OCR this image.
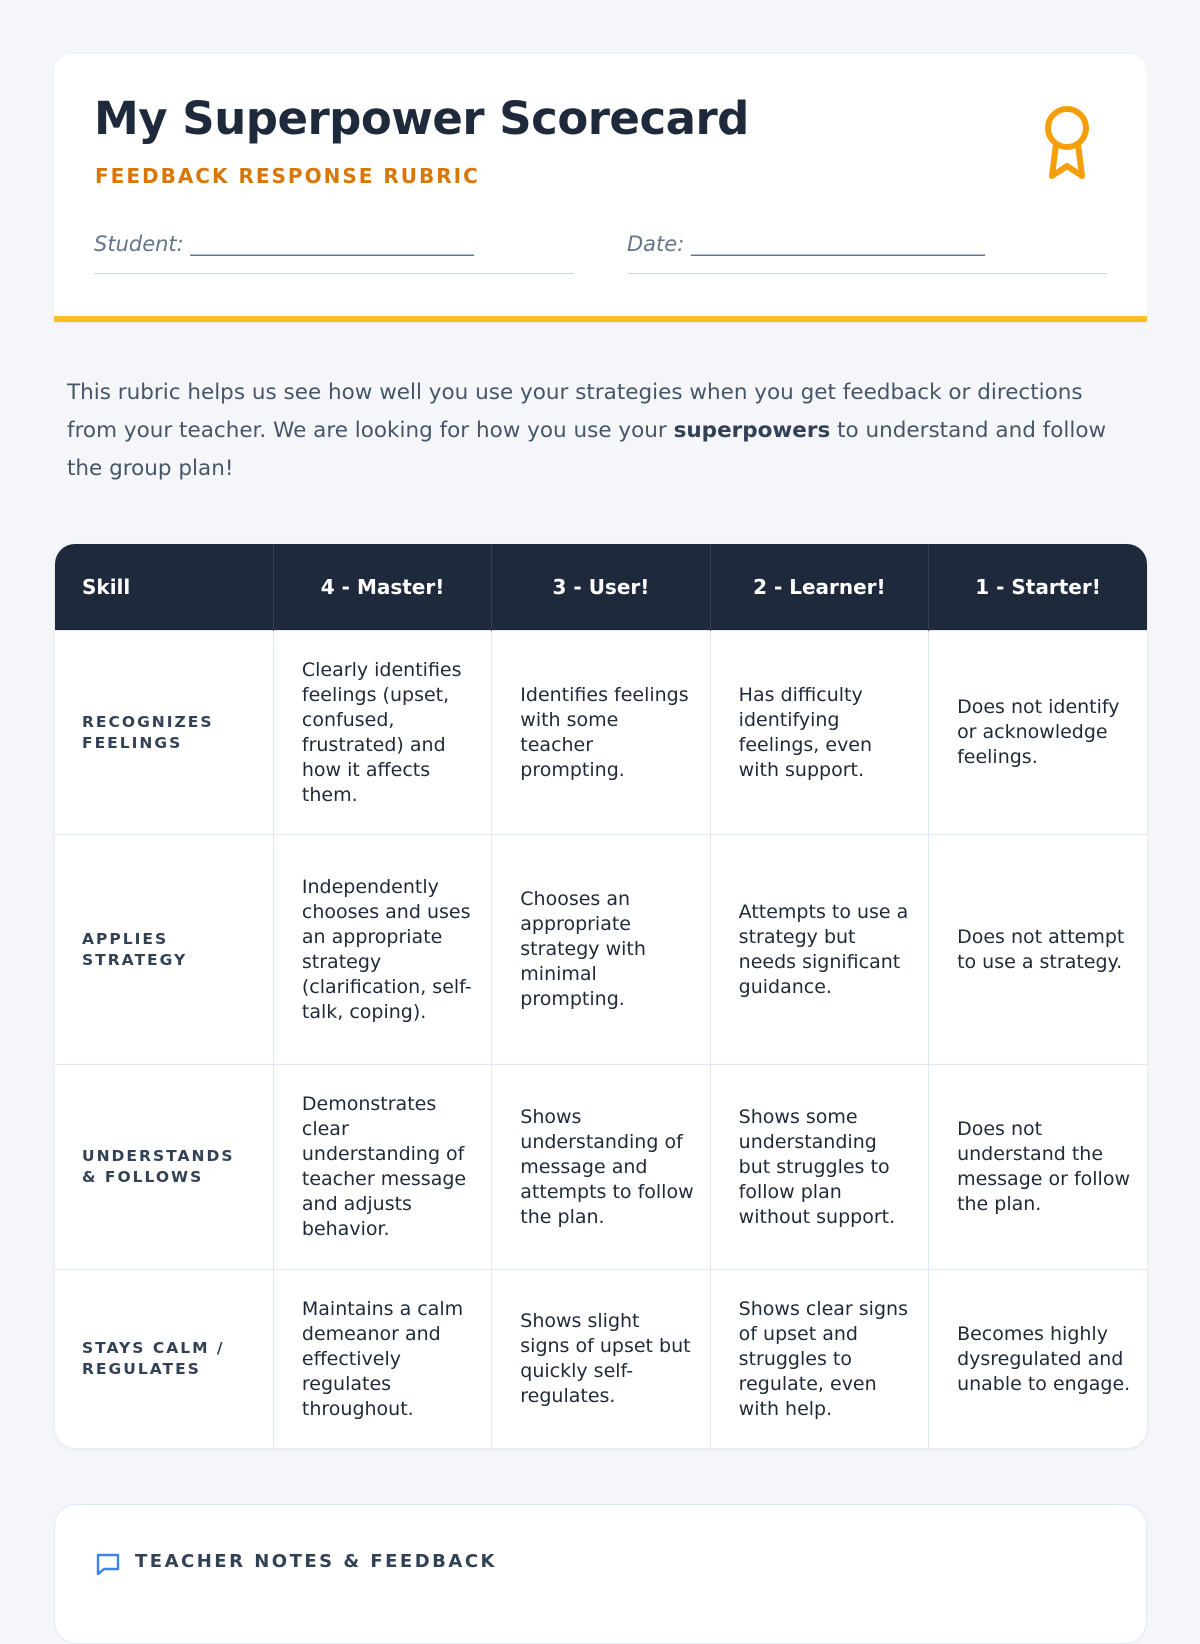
My Superpower Scorecard
FEEDBACK RESPONSE RUBRIC
Student: ___________________________	Date: ____________________________

This rubric helps us see how well you use your strategies when you get feedback or directions from your teacher. We are looking for how you use your superpowers to understand and follow the group plan!

Skill	4 - Master!	3 - User!	2 - Learner!	1 - Starter!
RECOGNIZES FEELINGS	Clearly identifies feelings (upset, confused, frustrated) and how it affects them.	Identifies feelings with some teacher prompting.	Has difficulty identifying feelings, even with support.	Does not identify or acknowledge feelings.
APPLIES STRATEGY	Independently chooses and uses an appropriate strategy (clarification, self-talk, coping).	Chooses an appropriate strategy with minimal prompting.	Attempts to use a strategy but needs significant guidance.	Does not attempt to use a strategy.
UNDERSTANDS & FOLLOWS	Demonstrates clear understanding of teacher message and adjusts behavior.	Shows understanding of message and attempts to follow the plan.	Shows some understanding but struggles to follow plan without support.	Does not understand the message or follow the plan.
STAYS CALM / REGULATES	Maintains a calm demeanor and effectively regulates throughout.	Shows slight signs of upset but quickly self-regulates.	Shows clear signs of upset and struggles to regulate, even with help.	Becomes highly dysregulated and unable to engage.
TEACHER NOTES & FEEDBACK
